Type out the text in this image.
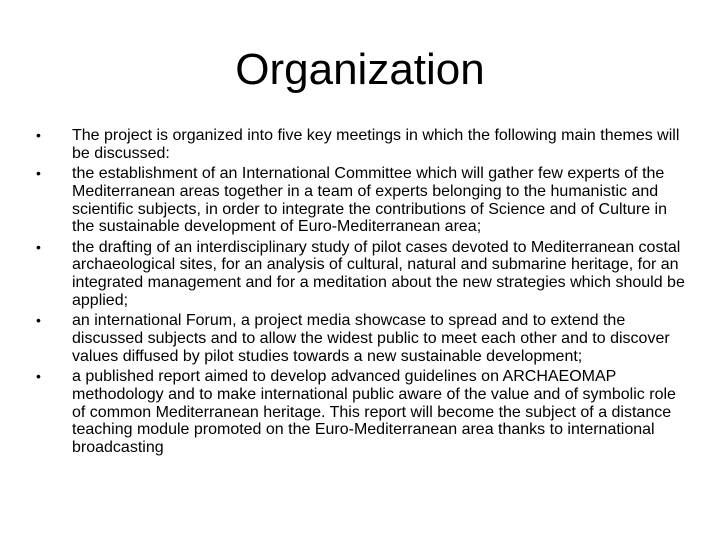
Organization
•	The project is organized into five key meetings in which the following main themes will be discussed:
•	the establishment of an International Committee which will gather few experts of the Mediterranean areas together in a team of experts belonging to the humanistic and scientific subjects, in order to integrate the contributions of Science and of Culture in the sustainable development of Euro-Mediterranean area;
•	the drafting of an interdisciplinary study of pilot cases devoted to Mediterranean costal archaeological sites, for an analysis of cultural, natural and submarine heritage, for an integrated management and for a meditation about the new strategies which should be applied;
•	an international Forum, a project media showcase to spread and to extend the discussed subjects and to allow the widest public to meet each other and to discover values diffused by pilot studies towards a new sustainable development;
•	a published report aimed to develop advanced guidelines on ARCHAEOMAP methodology and to make international public aware of the value and of symbolic role of common Mediterranean heritage. This report will become the subject of a distance teaching module promoted on the Euro-Mediterranean area thanks to international broadcasting
